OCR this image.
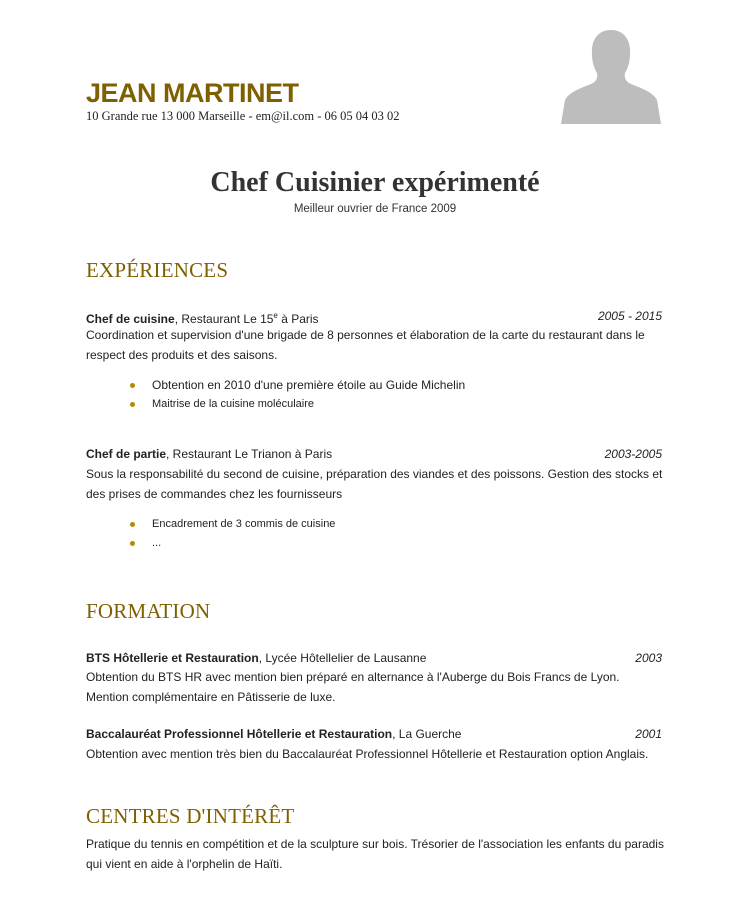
JEAN MARTINET
10 Grande rue 13 000 Marseille - em@il.com - 06 05 04 03 02
Chef Cuisinier expérimenté
Meilleur ouvrier de France 2009
EXPÉRIENCES
Chef de cuisine, Restaurant Le 15e à Paris	2005 - 2015
Coordination et supervision d'une brigade de 8 personnes et élaboration de la carte du restaurant dans le respect des produits et des saisons.
Obtention en 2010 d'une première étoile au Guide Michelin
Maitrise de la cuisine moléculaire
Chef de partie, Restaurant Le Trianon à Paris	2003-2005
Sous la responsabilité du second de cuisine, préparation des viandes et des poissons. Gestion des stocks et des prises de commandes chez les fournisseurs
Encadrement de 3 commis de cuisine
...
FORMATION
BTS Hôtellerie et Restauration, Lycée Hôtellelier de Lausanne	2003
Obtention du BTS HR avec mention bien préparé en alternance à l'Auberge du Bois Francs de Lyon. Mention complémentaire en Pâtisserie de luxe.
Baccalauréat Professionnel Hôtellerie et Restauration, La Guerche	2001
Obtention avec mention très bien du Baccalauréat Professionnel Hôtellerie et Restauration option Anglais.
CENTRES D'INTÉRÊT
Pratique du tennis en compétition et de la sculpture sur bois. Trésorier de l'association les enfants du paradis qui vient en aide à l'orphelin de Haïti.
